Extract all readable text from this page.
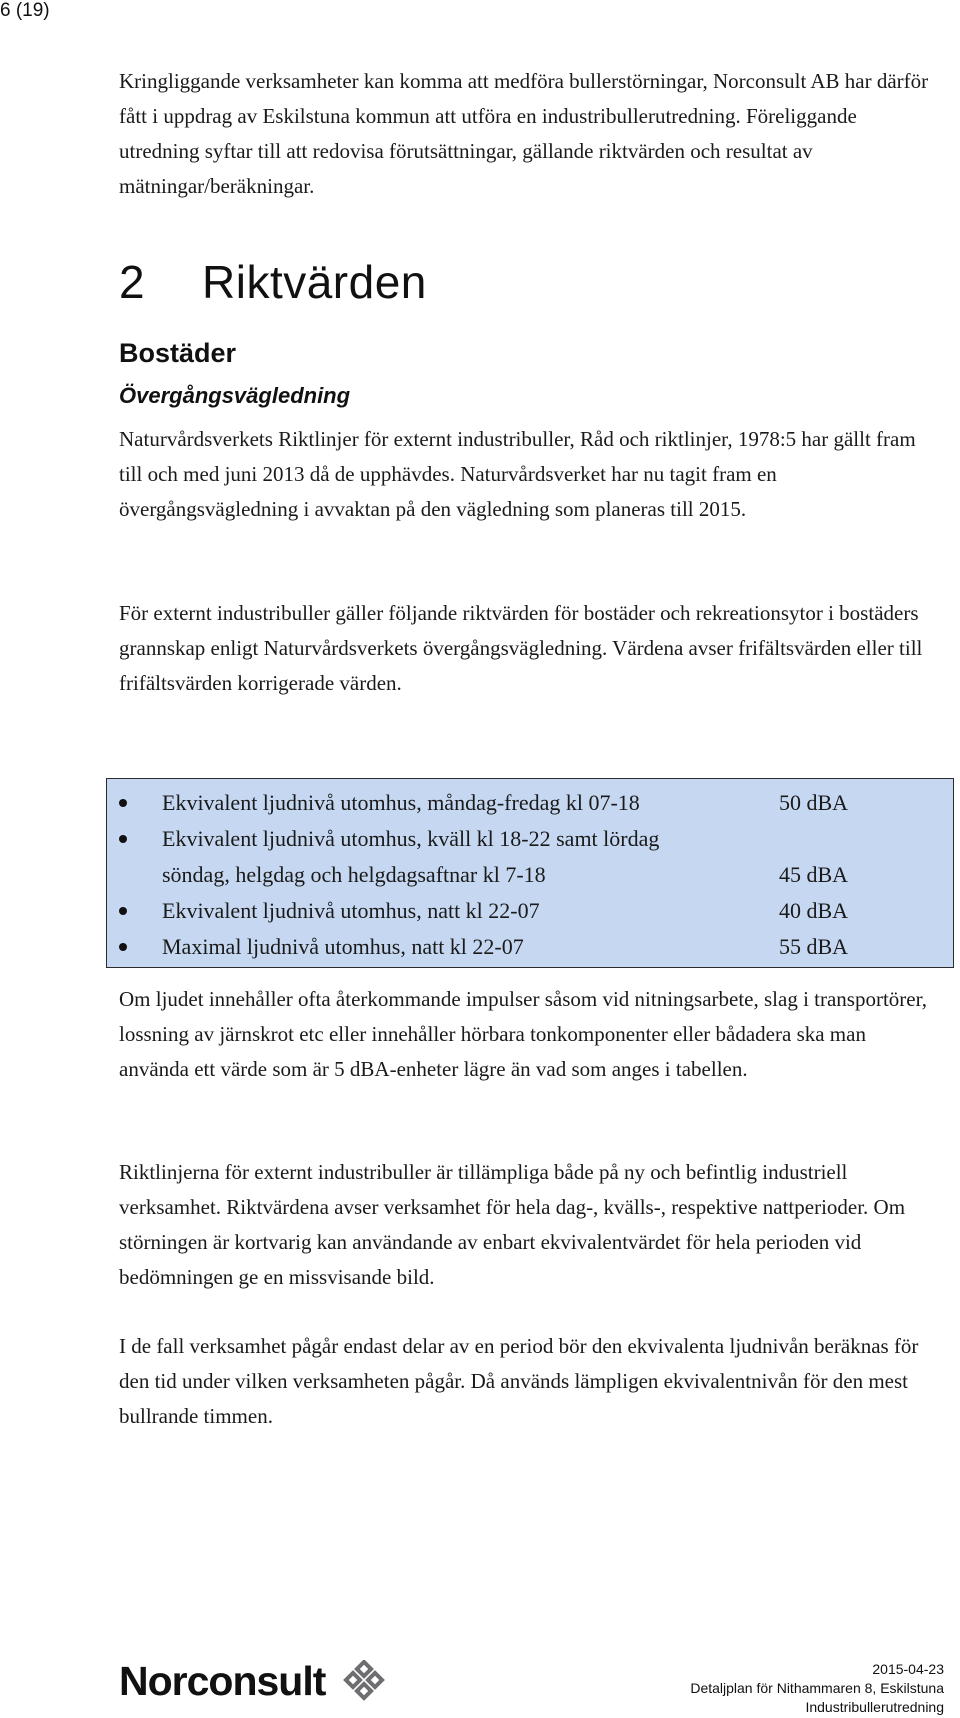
6 (19)

Kringliggande verksamheter kan komma att medföra bullerstörningar, Norconsult AB har därför fått i uppdrag av Eskilstuna kommun att utföra en industribullerutredning. Föreliggande utredning syftar till att redovisa förutsättningar, gällande riktvärden och resultat av mätningar/beräkningar.

2 Riktvärden
Bostäder
Övergångsvägledning

Naturvårdsverkets Riktlinjer för externt industribuller, Råd och riktlinjer, 1978:5 har gällt fram till och med juni 2013 då de upphävdes. Naturvårdsverket har nu tagit fram en övergångsvägledning i avvaktan på den vägledning som planeras till 2015.

För externt industribuller gäller följande riktvärden för bostäder och rekreationsytor i bostäders grannskap enligt Naturvårdsverkets övergångsvägledning. Värdena avser frifältsvärden eller till frifältsvärden korrigerade värden.

Ekvivalent ljudnivå utomhus, måndag-fredag kl 07-18	50 dBA
Ekvivalent ljudnivå utomhus, kväll kl 18-22 samt lördag
söndag, helgdag och helgdagsaftnar kl 7-18	45 dBA
Ekvivalent ljudnivå utomhus, natt kl 22-07	40 dBA
Maximal ljudnivå utomhus, natt kl 22-07	55 dBA

Om ljudet innehåller ofta återkommande impulser såsom vid nitningsarbete, slag i transportörer, lossning av järnskrot etc eller innehåller hörbara tonkomponenter eller bådadera ska man använda ett värde som är 5 dBA-enheter lägre än vad som anges i tabellen.

Riktlinjerna för externt industribuller är tillämpliga både på ny och befintlig industriell verksamhet. Riktvärdena avser verksamhet för hela dag-, kvälls-, respektive nattperioder. Om störningen är kortvarig kan användande av enbart ekvivalentvärdet för hela perioden vid bedömningen ge en missvisande bild.

I de fall verksamhet pågår endast delar av en period bör den ekvivalenta ljudnivån beräknas för den tid under vilken verksamheten pågår. Då används lämpligen ekvivalentnivån för den mest bullrande timmen.

Norconsult	2015-04-23
Detaljplan för Nithammaren 8, Eskilstuna
Industribullerutredning
